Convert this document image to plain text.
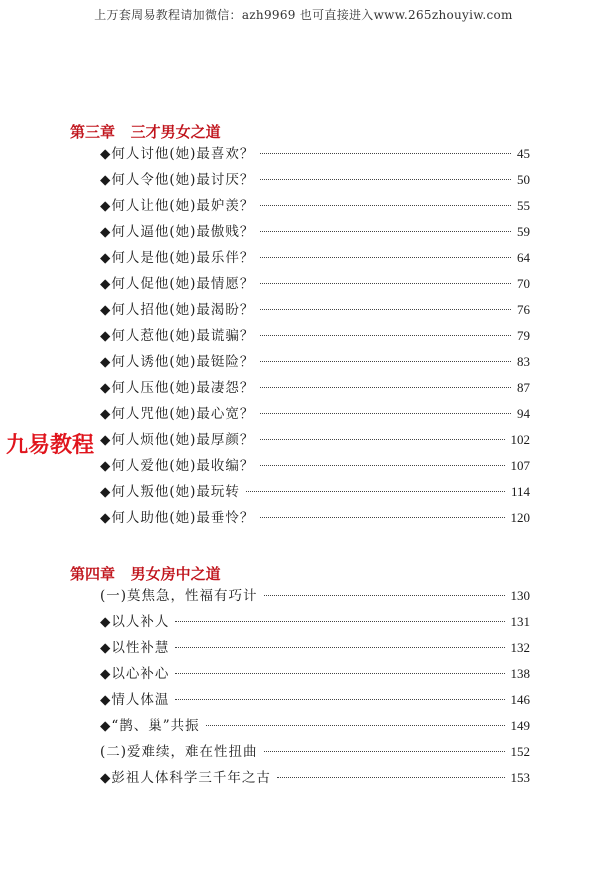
上万套周易教程请加微信：azh9969 也可直接进入www.265zhouyiw.com
第三章   三才男女之道
◆何人讨他(她)最喜欢？	45
◆何人令他(她)最讨厌？	50
◆何人让他(她)最妒羡？	55
◆何人逼他(她)最傲贱？	59
◆何人是他(她)最乐伴？	64
◆何人促他(她)最情愿？	70
◆何人招他(她)最渴盼？	76
◆何人惹他(她)最谎骗？	79
◆何人诱他(她)最铤险？	83
◆何人压他(她)最凄怨？	87
◆何人咒他(她)最心宽？	94
◆何人烦他(她)最厚颜？	102
◆何人爱他(她)最收编？	107
◆何人叛他(她)最玩转	114
◆何人助他(她)最垂怜？	120
第四章   男女房中之道
(一)莫焦急，性福有巧计	130
◆以人补人	131
◆以性补慧	132
◆以心补心	138
◆情人体温	146
◆“鹊、巢”共振	149
(二)爱难续，难在性扭曲	152
◆彭祖人体科学三千年之古	153
九易教程
